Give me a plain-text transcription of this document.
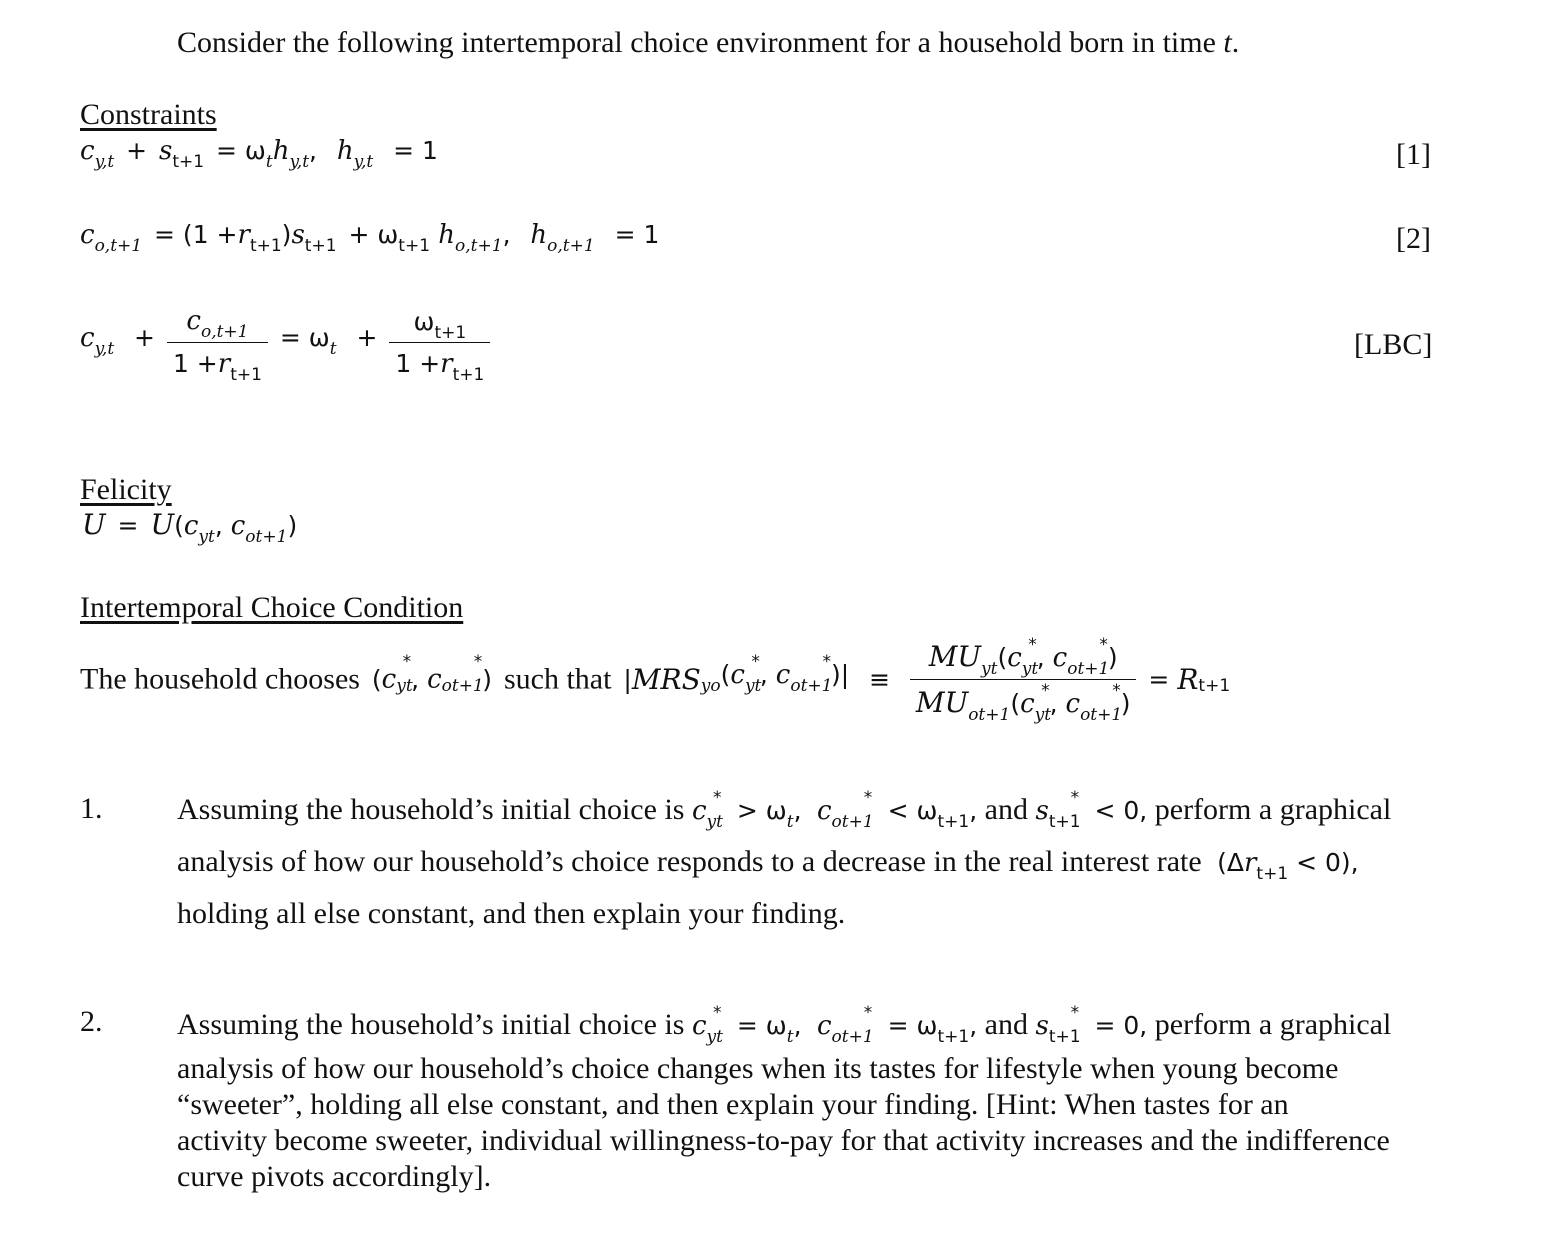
Consider the following intertemporal choice environment for a household born in time t.
Constraints
cy,t  +  st+1  = ωthy,t,   hy,t   = 1	[1]
co,t+1  = (1 +rt+1)st+1  + ωt+1 ho,t+1,   ho,t+1   = 1	[2]
$cy,t + \frac{co,t+1}{1 +rt+1} = \omega t + \frac{\omega t+1}{1 +rt+1}$	[LBC]
Felicity
U  =  U(cyt, cot+1)
Intertemporal Choice Condition
The household chooses  (cyt*, cot+1*)  such that  |MRSyo(cyt*, $\cot+1*)| \equiv \frac{\text{MUyt(cyt*, cot+1*)}}{\text{MUot+1(cyt*, cot+1*)}} = Rt+1$
1. Assuming the household’s initial choice is $c_{yt}^* > \omega_t$,  $c_{ot+1}^* < \omega_{t+1}$, and $s_{t+1}^* < 0$, perform a graphical
analysis of how our household’s choice responds to a decrease in the real interest rate  $(\Delta r_{t+1} < 0)$,
holding all else constant, and then explain your finding.
2. Assuming the household’s initial choice is $c_{yt}^* = \omega_t$,  $c_{ot+1}^* = \omega_{t+1}$, and $s_{t+1}^* = 0$, perform a graphical
analysis of how our household’s choice changes when its tastes for lifestyle when young become
“sweeter”, holding all else constant, and then explain your finding. [Hint: When tastes for an
activity become sweeter, individual willingness-to-pay for that activity increases and the indifference
curve pivots accordingly].
